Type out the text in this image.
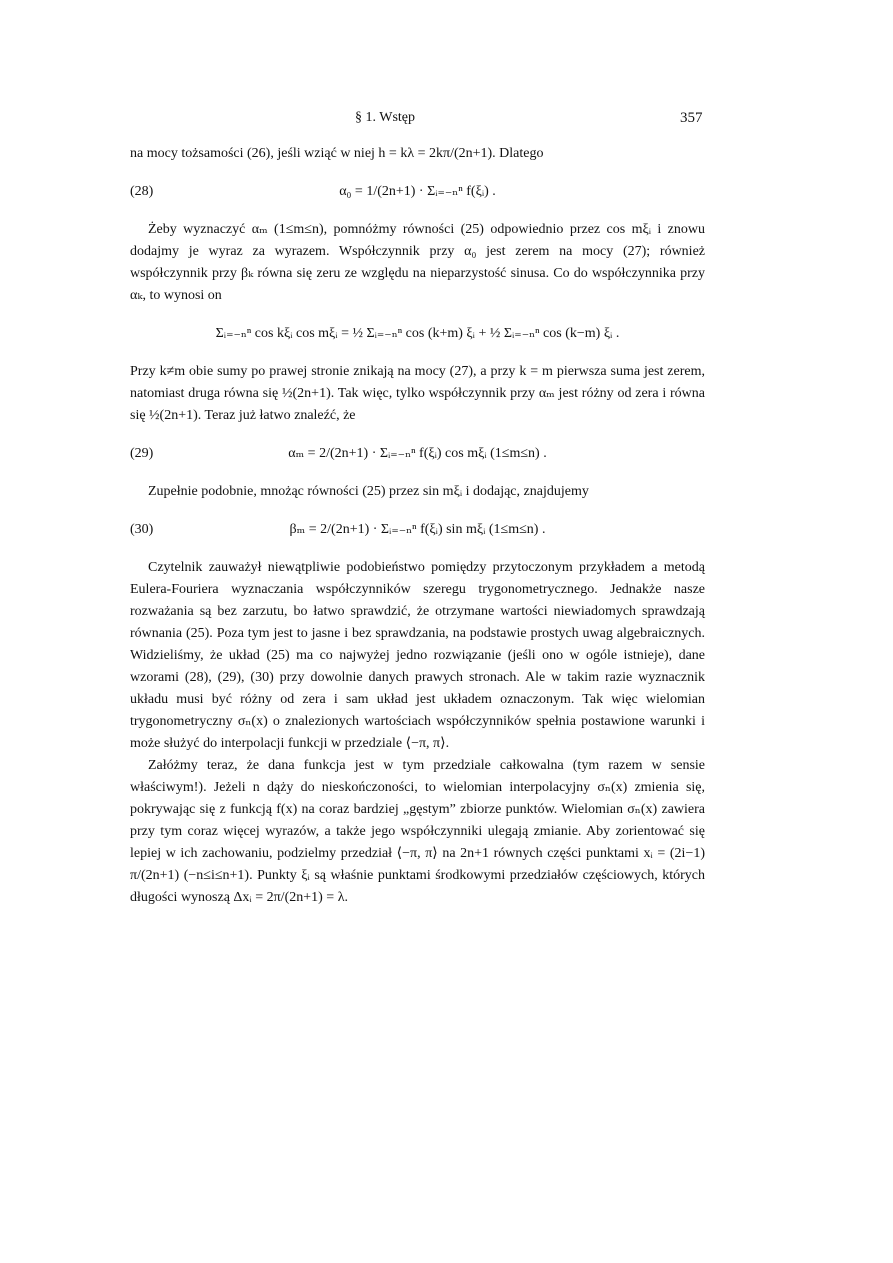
§ 1. Wstęp	357

na mocy tożsamości (26), jeśli wziąć w niej h = kλ = 2kπ/(2n+1). Dlatego

(28)	α₀ = 1/(2n+1) · Σᵢ₌₋ₙⁿ f(ξᵢ) .

Żeby wyznaczyć αₘ (1≤m≤n), pomnóżmy równości (25) odpowiednio przez cos mξᵢ i znowu dodajmy je wyraz za wyrazem. Współczynnik przy α₀ jest zerem na mocy (27); również współczynnik przy βₖ równa się zeru ze względu na nieparzystość sinusa. Co do współczynnika przy αₖ, to wynosi on

Σᵢ₌₋ₙⁿ cos kξᵢ cos mξᵢ = ½ Σᵢ₌₋ₙⁿ cos (k+m) ξᵢ + ½ Σᵢ₌₋ₙⁿ cos (k−m) ξᵢ .

Przy k≠m obie sumy po prawej stronie znikają na mocy (27), a przy k = m pierwsza suma jest zerem, natomiast druga równa się ½(2n+1). Tak więc, tylko współczynnik przy αₘ jest różny od zera i równa się ½(2n+1). Teraz już łatwo znaleźć, że

(29)	αₘ = 2/(2n+1) · Σᵢ₌₋ₙⁿ f(ξᵢ) cos mξᵢ (1≤m≤n) .

Zupełnie podobnie, mnożąc równości (25) przez sin mξᵢ i dodając, znajdujemy

(30)	βₘ = 2/(2n+1) · Σᵢ₌₋ₙⁿ f(ξᵢ) sin mξᵢ (1≤m≤n) .

Czytelnik zauważył niewątpliwie podobieństwo pomiędzy przytoczonym przykładem a metodą Eulera-Fouriera wyznaczania współczynników szeregu trygonometrycznego. Jednakże nasze rozważania są bez zarzutu, bo łatwo sprawdzić, że otrzymane wartości niewiadomych sprawdzają równania (25). Poza tym jest to jasne i bez sprawdzania, na podstawie prostych uwag algebraicznych. Widzieliśmy, że układ (25) ma co najwyżej jedno rozwiązanie (jeśli ono w ogóle istnieje), dane wzorami (28), (29), (30) przy dowolnie danych prawych stronach. Ale w takim razie wyznacznik układu musi być różny od zera i sam układ jest układem oznaczonym. Tak więc wielomian trygonometryczny σₙ(x) o znalezionych wartościach współczynników spełnia postawione warunki i może służyć do interpolacji funkcji w przedziale ⟨−π, π⟩.

Załóżmy teraz, że dana funkcja jest w tym przedziale całkowalna (tym razem w sensie właściwym!). Jeżeli n dąży do nieskończoności, to wielomian interpolacyjny σₙ(x) zmienia się, pokrywając się z funkcją f(x) na coraz bardziej „gęstym” zbiorze punktów. Wielomian σₙ(x) zawiera przy tym coraz więcej wyrazów, a także jego współczynniki ulegają zmianie. Aby zorientować się lepiej w ich zachowaniu, podzielmy przedział ⟨−π, π⟩ na 2n+1 równych części punktami xᵢ = (2i−1) π/(2n+1) (−n≤i≤n+1). Punkty ξᵢ są właśnie punktami środkowymi przedziałów częściowych, których długości wynoszą Δxᵢ = 2π/(2n+1) = λ.
